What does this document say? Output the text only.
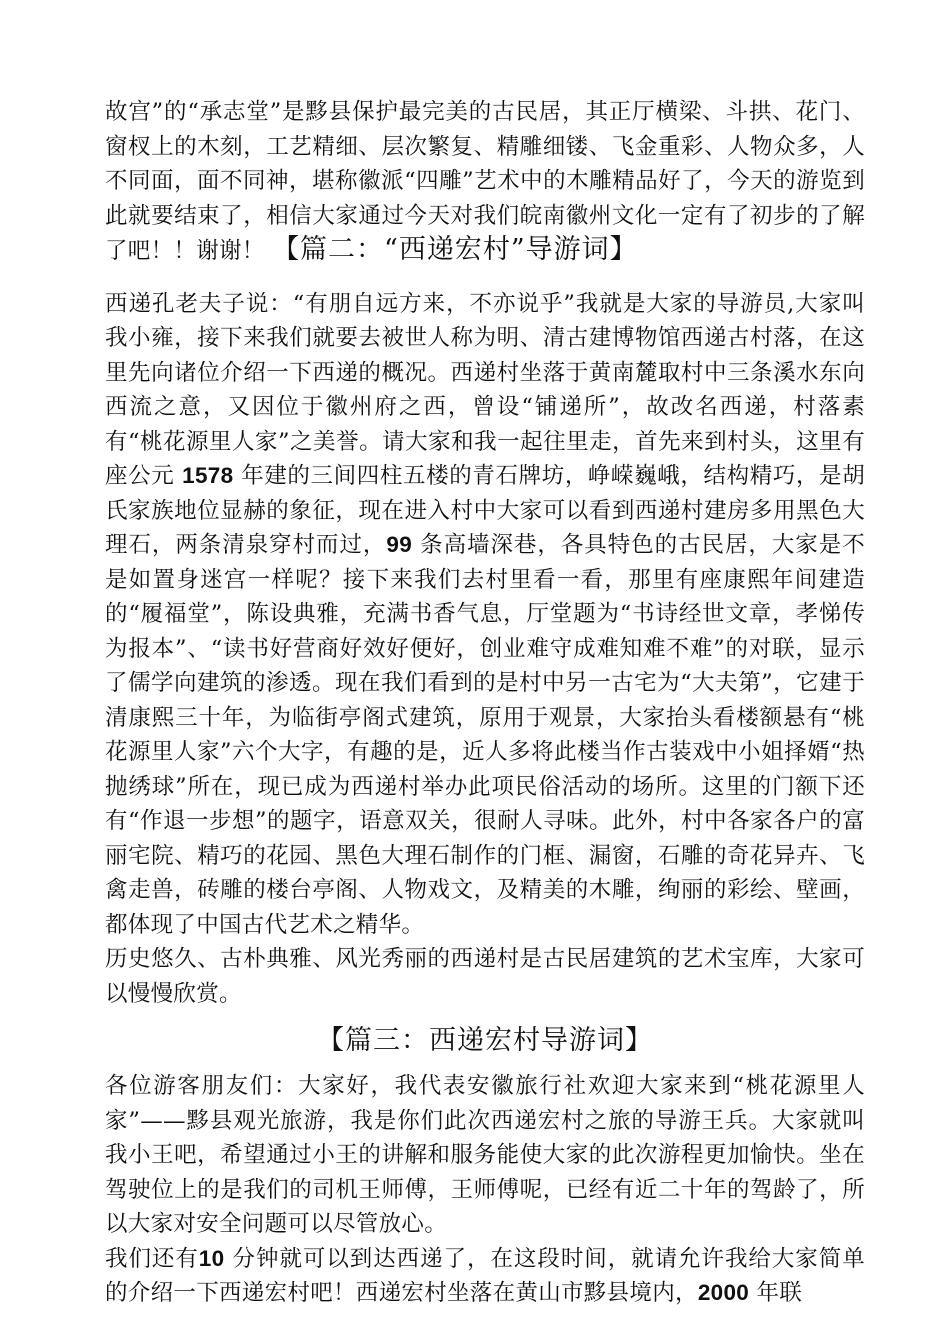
故宫”的“承志堂”是黟县保护最完美的古民居，其正厅横梁、斗拱、花门、窗杈上的木刻，工艺精细、层次繁复、精雕细镂、飞金重彩、人物众多，人不同面，面不同神，堪称徽派“四雕”艺术中的木雕精品好了，今天的游览到此就要结束了，相信大家通过今天对我们皖南徽州文化一定有了初步的了解了吧！！谢谢！ 【篇二：“西递宏村”导游词】

西递孔老夫子说：“有朋自远方来，不亦说乎”我就是大家的导游员,大家叫我小雍，接下来我们就要去被世人称为明、清古建博物馆西递古村落，在这里先向诸位介绍一下西递的概况。西递村坐落于黄南麓取村中三条溪水东向西流之意，又因位于徽州府之西，曾设“铺递所”，故改名西递，村落素有“桃花源里人家”之美誉。请大家和我一起往里走，首先来到村头，这里有座公元 1578 年建的三间四柱五楼的青石牌坊，峥嵘巍峨，结构精巧，是胡氏家族地位显赫的象征，现在进入村中大家可以看到西递村建房多用黑色大理石，两条清泉穿村而过，99 条高墙深巷，各具特色的古民居，大家是不是如置身迷宫一样呢？接下来我们去村里看一看，那里有座康熙年间建造的“履福堂”，陈设典雅，充满书香气息，厅堂题为“书诗经世文章，孝悌传为报本”、“读书好营商好效好便好，创业难守成难知难不难”的对联，显示了儒学向建筑的渗透。现在我们看到的是村中另一古宅为“大夫第”，它建于清康熙三十年，为临街亭阁式建筑，原用于观景，大家抬头看楼额悬有“桃花源里人家”六个大字，有趣的是，近人多将此楼当作古装戏中小姐择婿“热抛绣球”所在，现已成为西递村举办此项民俗活动的场所。这里的门额下还有“作退一步想”的题字，语意双关，很耐人寻味。此外，村中各家各户的富丽宅院、精巧的花园、黑色大理石制作的门框、漏窗，石雕的奇花异卉、飞禽走兽，砖雕的楼台亭阁、人物戏文，及精美的木雕，绚丽的彩绘、壁画，都体现了中国古代艺术之精华。

历史悠久、古朴典雅、风光秀丽的西递村是古民居建筑的艺术宝库，大家可以慢慢欣赏。

【篇三：西递宏村导游词】

各位游客朋友们：大家好，我代表安徽旅行社欢迎大家来到“桃花源里人家”——黟县观光旅游，我是你们此次西递宏村之旅的导游王兵。大家就叫我小王吧，希望通过小王的讲解和服务能使大家的此次游程更加愉快。坐在驾驶位上的是我们的司机王师傅，王师傅呢，已经有近二十年的驾龄了，所以大家对安全问题可以尽管放心。

我们还有10 分钟就可以到达西递了，在这段时间，就请允许我给大家简单的介绍一下西递宏村吧！西递宏村坐落在黄山市黟县境内，2000 年联
